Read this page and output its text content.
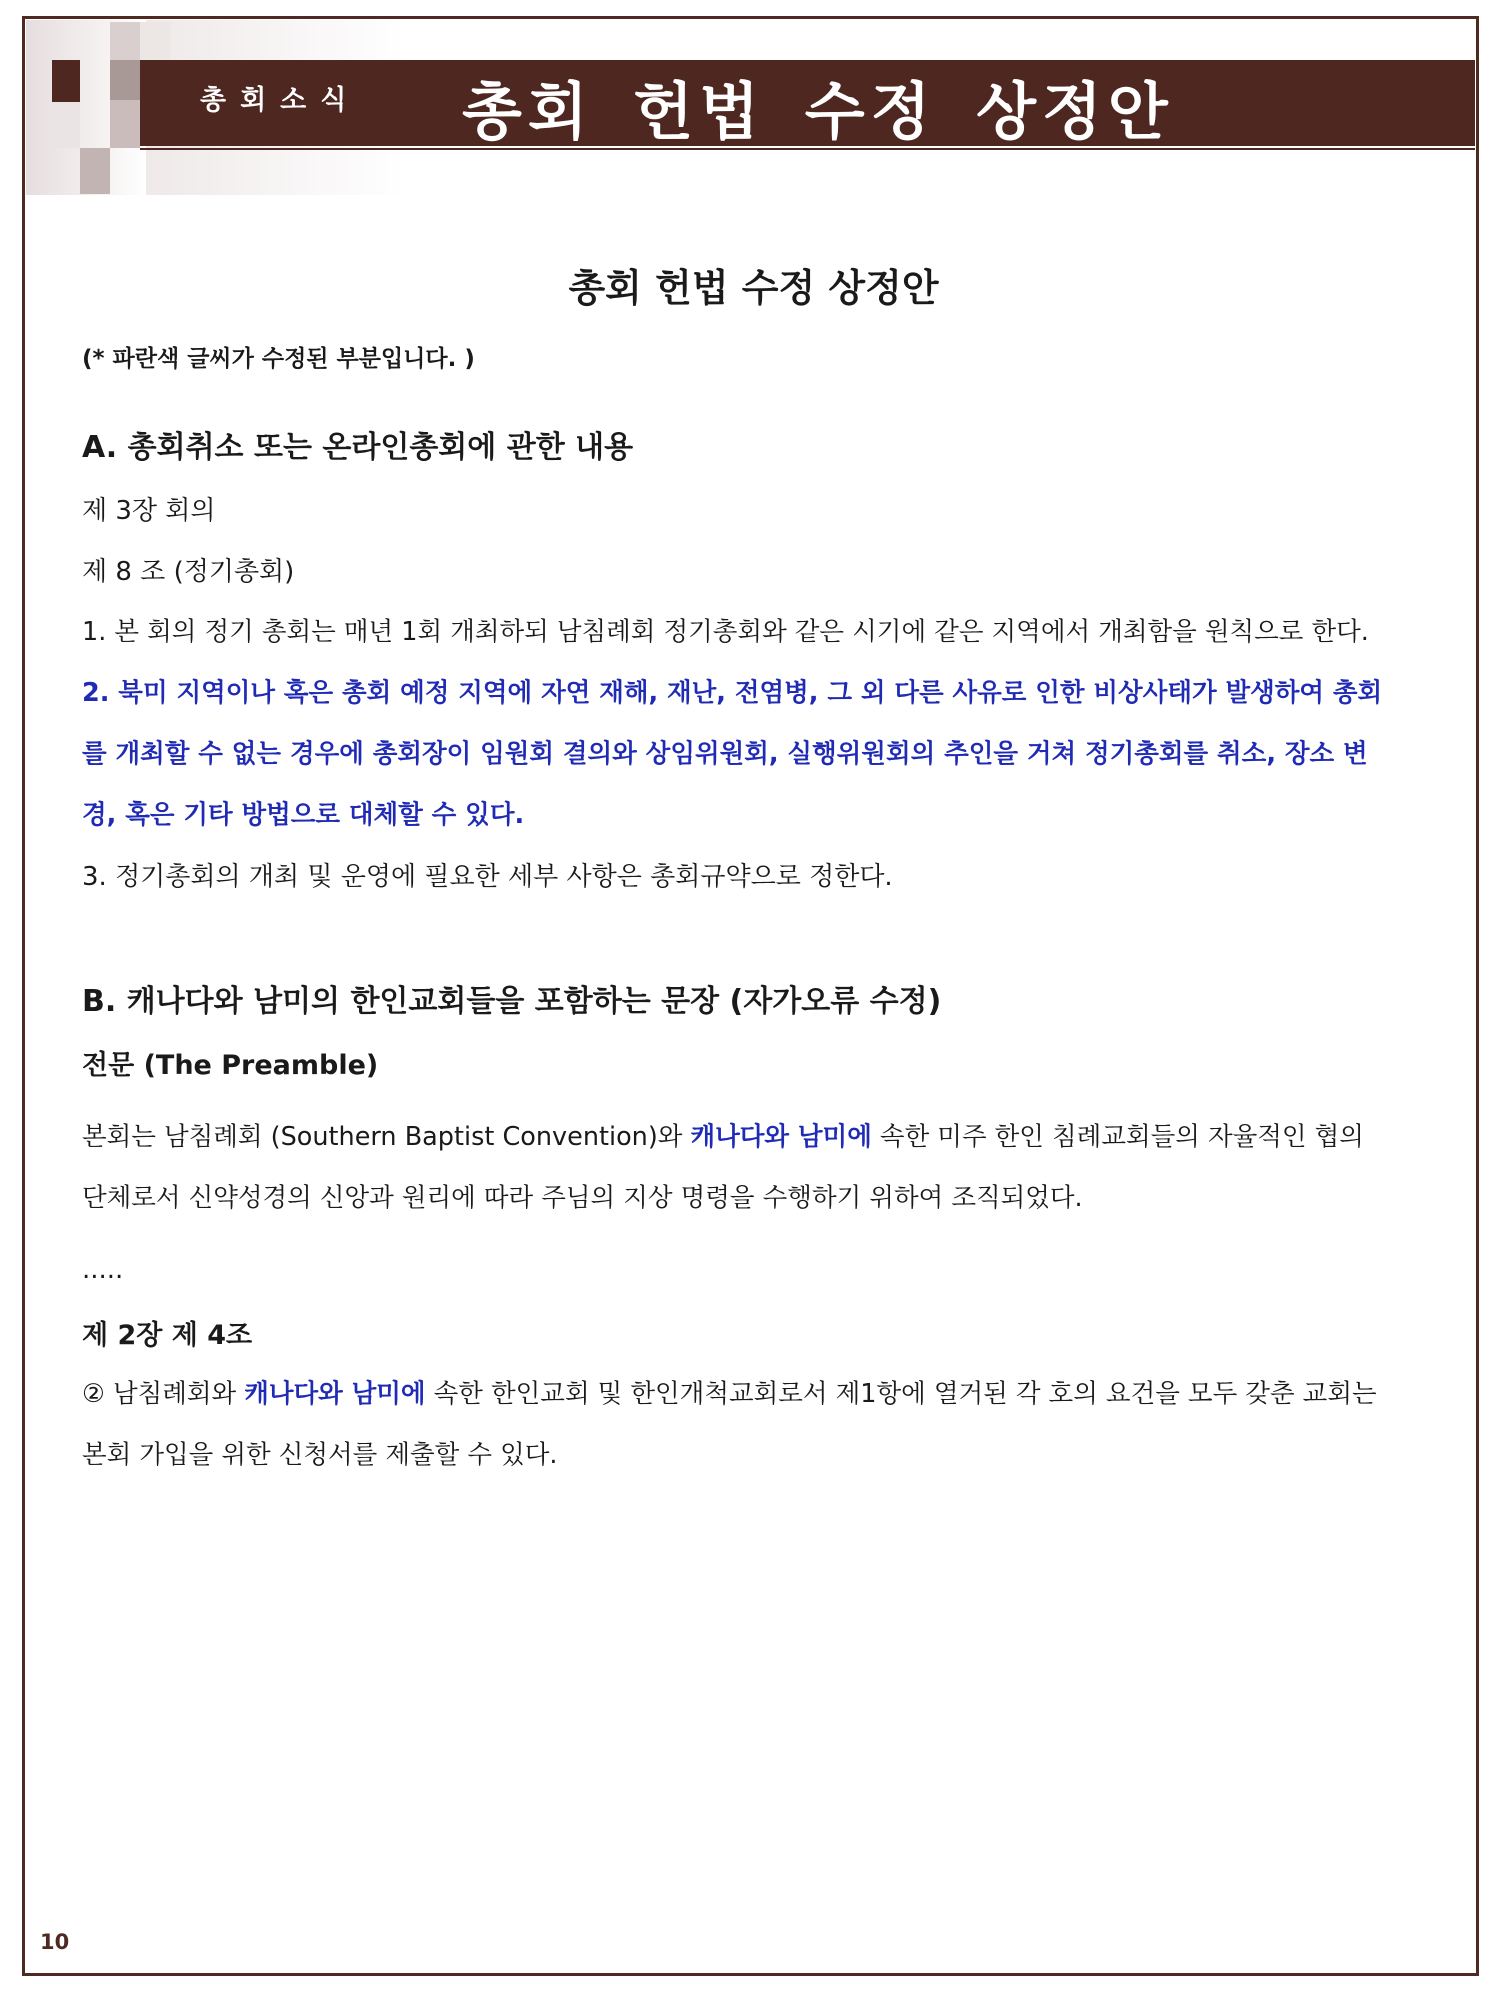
총회소식 총회 헌법 수정 상정안
총회 헌법 수정 상정안
(* 파란색 글씨가 수정된 부분입니다. )
A. 총회취소 또는 온라인총회에 관한 내용
제 3장 회의
제 8 조 (정기총회)
1. 본 회의 정기 총회는 매년 1회 개최하되 남침례회 정기총회와 같은 시기에 같은 지역에서 개최함을 원칙으로 한다.
2. 북미 지역이나 혹은 총회 예정 지역에 자연 재해, 재난, 전염병, 그 외 다른 사유로 인한 비상사태가 발생하여 총회
를 개최할 수 없는 경우에 총회장이 임원회 결의와 상임위원회, 실행위원회의 추인을 거쳐 정기총회를 취소, 장소 변
경, 혹은 기타 방법으로 대체할 수 있다.
3. 정기총회의 개최 및 운영에 필요한 세부 사항은 총회규약으로 정한다.
B. 캐나다와 남미의 한인교회들을 포함하는 문장 (자가오류 수정)
전문 (The Preamble)
본회는 남침례회 (Southern Baptist Convention)와 캐나다와 남미에 속한 미주 한인 침례교회들의 자율적인 협의
단체로서 신약성경의 신앙과 원리에 따라 주님의 지상 명령을 수행하기 위하여 조직되었다.
.....
제 2장 제 4조
② 남침례회와 캐나다와 남미에 속한 한인교회 및 한인개척교회로서 제1항에 열거된 각 호의 요건을 모두 갖춘 교회는
본회 가입을 위한 신청서를 제출할 수 있다.
10
